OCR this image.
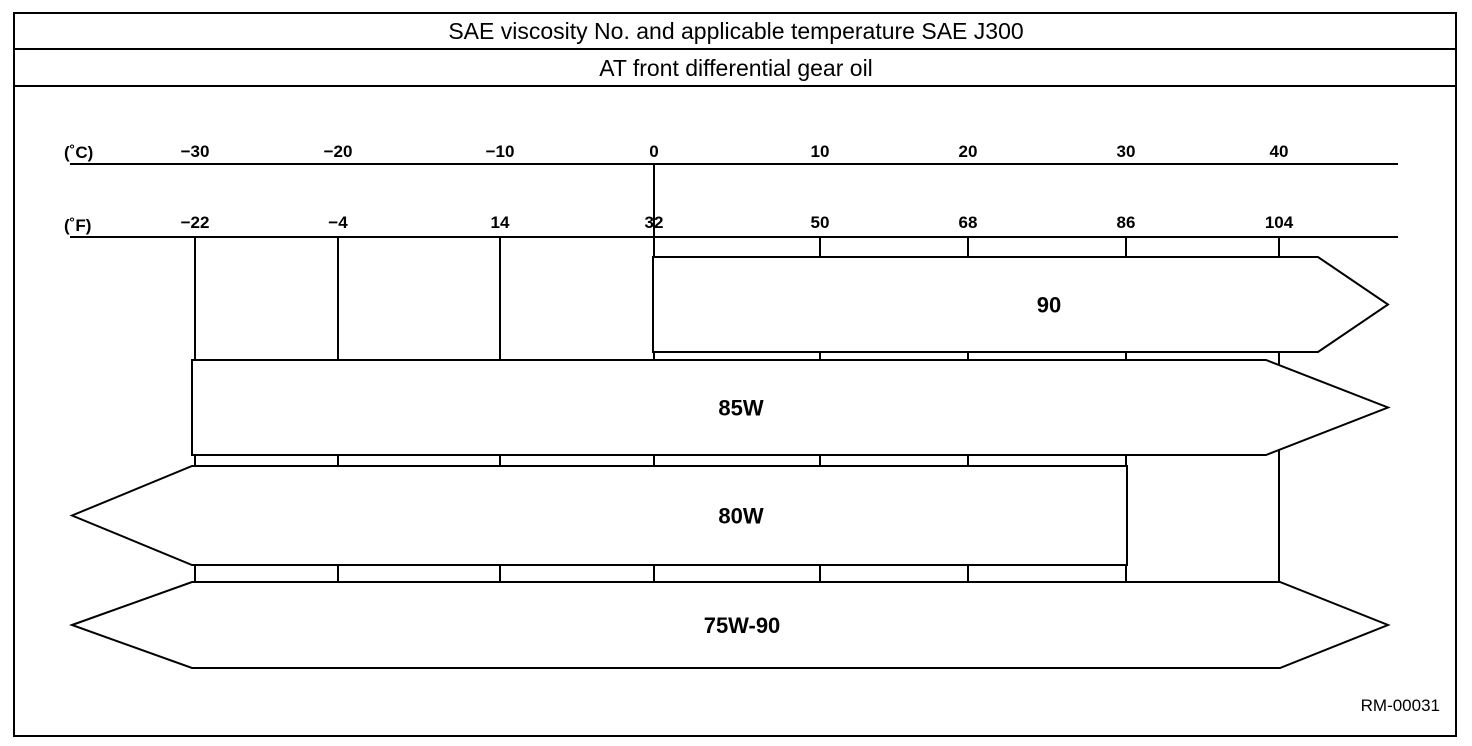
SAE viscosity No. and applicable temperature SAE J300
AT front differential gear oil
(˚C)
(˚F)
90
85W
80W
75W-90
−30	−20	−10	0	10	20	30	40
−22	−4	14	32	50	68	86	104
RM-00031
